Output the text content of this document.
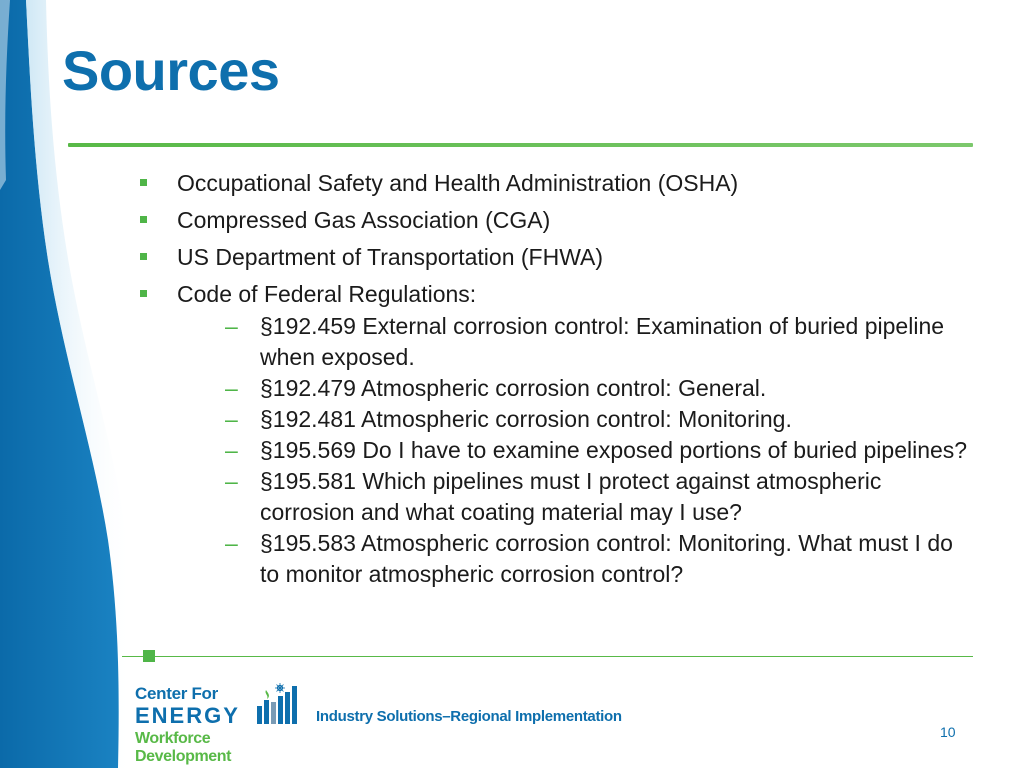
Sources
Occupational Safety and Health Administration (OSHA)
Compressed Gas Association (CGA)
US Department of Transportation (FHWA)
Code of Federal Regulations:
– §192.459 External corrosion control: Examination of buried pipeline when exposed.
– §192.479 Atmospheric corrosion control: General.
– §192.481 Atmospheric corrosion control: Monitoring.
– §195.569 Do I have to examine exposed portions of buried pipelines?
– §195.581 Which pipelines must I protect against atmospheric corrosion and what coating material may I use?
– §195.583 Atmospheric corrosion control: Monitoring. What must I do to monitor atmospheric corrosion control?
Center For
ENERGY
Workforce Development
Industry Solutions–Regional Implementation
10
